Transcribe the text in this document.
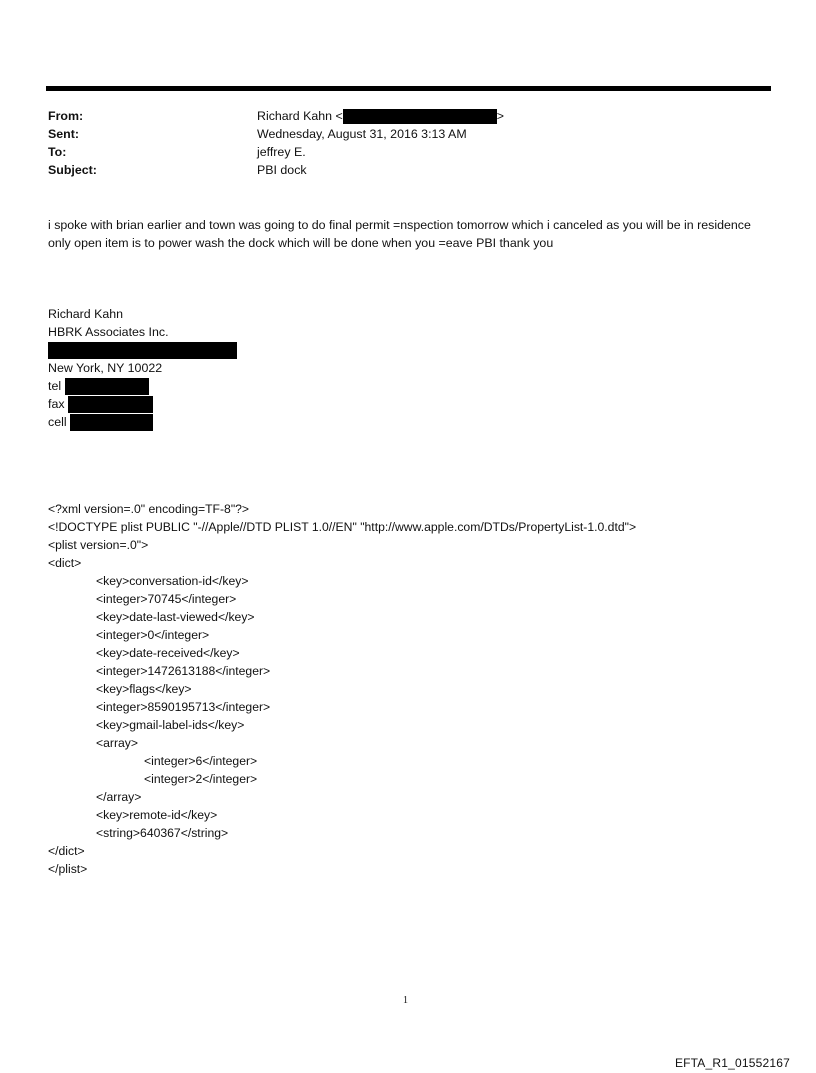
From:	Richard Kahn <	>
Sent:	Wednesday, August 31, 2016 3:13 AM
To:	jeffrey E.
Subject:	PBI dock
i spoke with brian earlier and town was going to do final permit =nspection tomorrow which i canceled as you will be in residence only open item is to power wash the dock which will be done when you =eave PBI thank you
Richard Kahn
HBRK Associates Inc.
New York, NY 10022
tel
fax
cell
<?xml version=.0" encoding=TF-8"?>
<!DOCTYPE plist PUBLIC "-//Apple//DTD PLIST 1.0//EN" "http://www.apple.com/DTDs/PropertyList-1.0.dtd">
<plist version=.0">
<dict>
<key>conversation-id</key>
<integer>70745</integer>
<key>date-last-viewed</key>
<integer>0</integer>
<key>date-received</key>
<integer>1472613188</integer>
<key>flags</key>
<integer>8590195713</integer>
<key>gmail-label-ids</key>
<array>
<integer>6</integer>
<integer>2</integer>
</array>
<key>remote-id</key>
<string>640367</string>
</dict>
</plist>
1
EFTA_R1_01552167
